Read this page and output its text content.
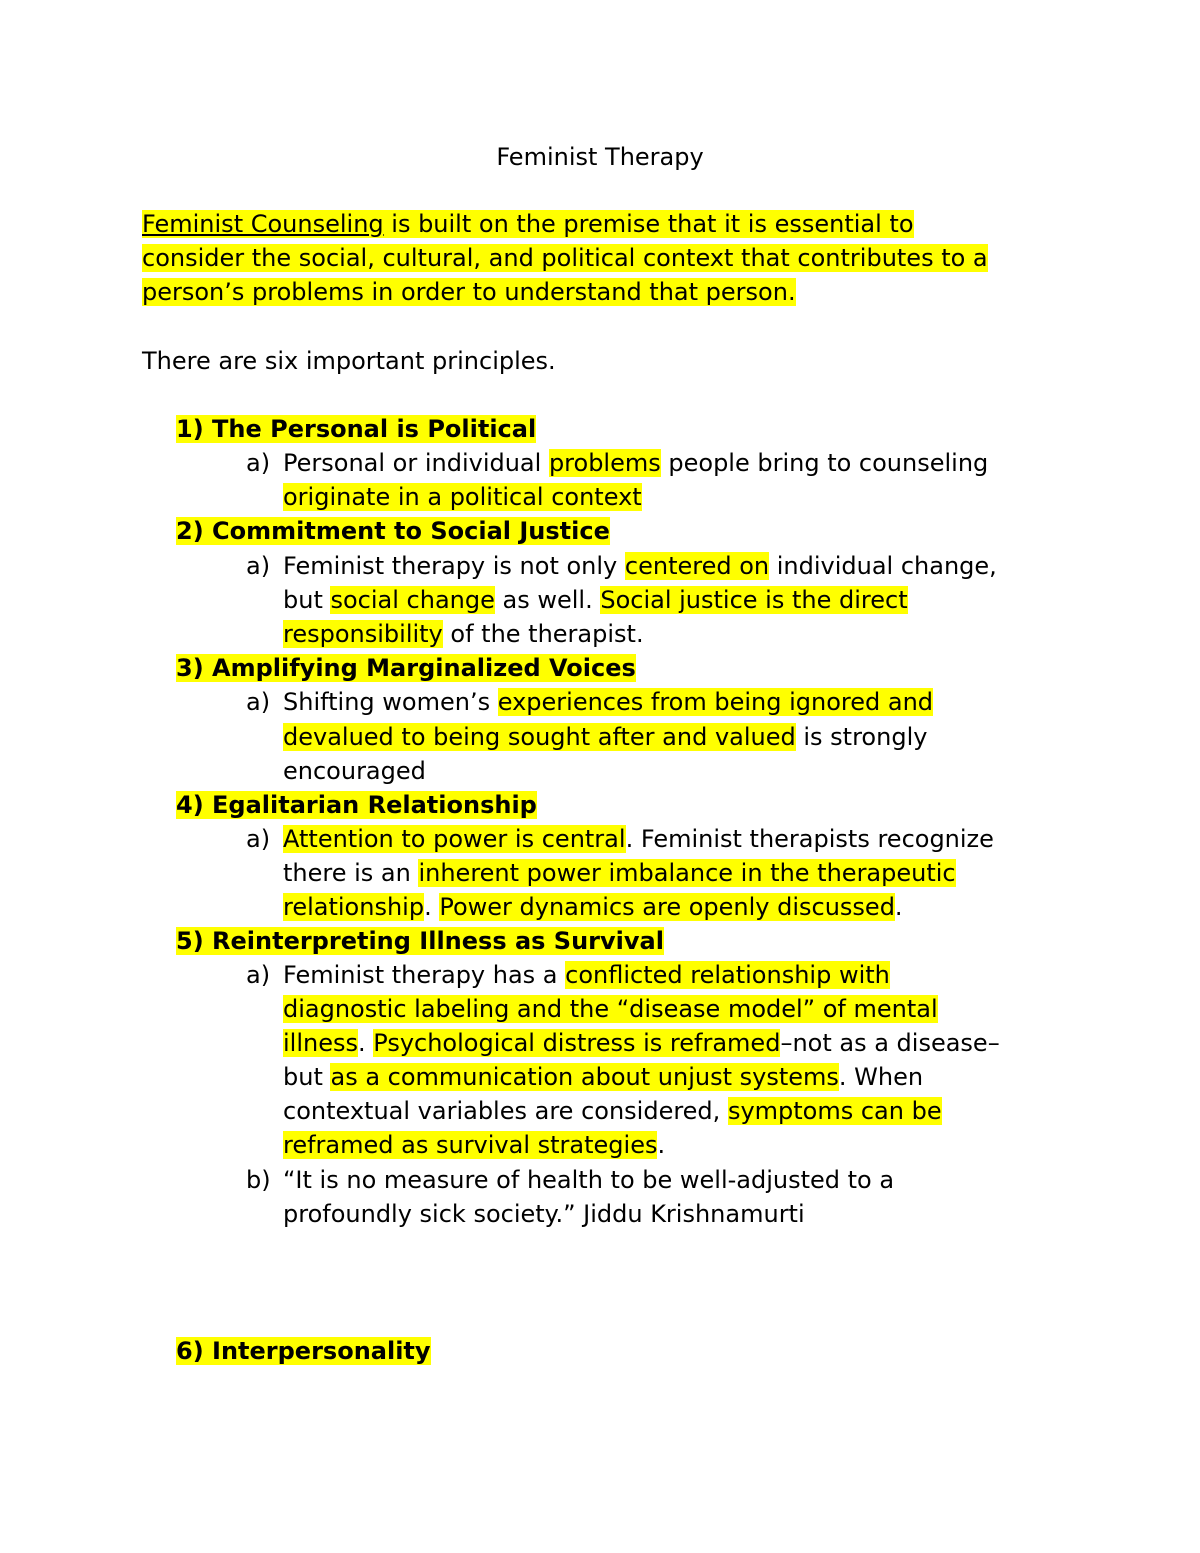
Feminist Therapy
Feminist Counseling is built on the premise that it is essential to
consider the social, cultural, and political context that contributes to a
person’s problems in order to understand that person.
There are six important principles.
1) The Personal is Political
a) Personal or individual problems people bring to counseling
originate in a political context
2) Commitment to Social Justice
a) Feminist therapy is not only centered on individual change,
but social change as well. Social justice is the direct
responsibility of the therapist.
3) Amplifying Marginalized Voices
a) Shifting women’s experiences from being ignored and
devalued to being sought after and valued is strongly
encouraged
4) Egalitarian Relationship
a) Attention to power is central. Feminist therapists recognize
there is an inherent power imbalance in the therapeutic
relationship. Power dynamics are openly discussed.
5) Reinterpreting Illness as Survival
a) Feminist therapy has a conflicted relationship with
diagnostic labeling and the “disease model” of mental
illness. Psychological distress is reframed–not as a disease–
but as a communication about unjust systems. When
contextual variables are considered, symptoms can be
reframed as survival strategies.
b) “It is no measure of health to be well-adjusted to a
profoundly sick society.” Jiddu Krishnamurti
6) Interpersonality
